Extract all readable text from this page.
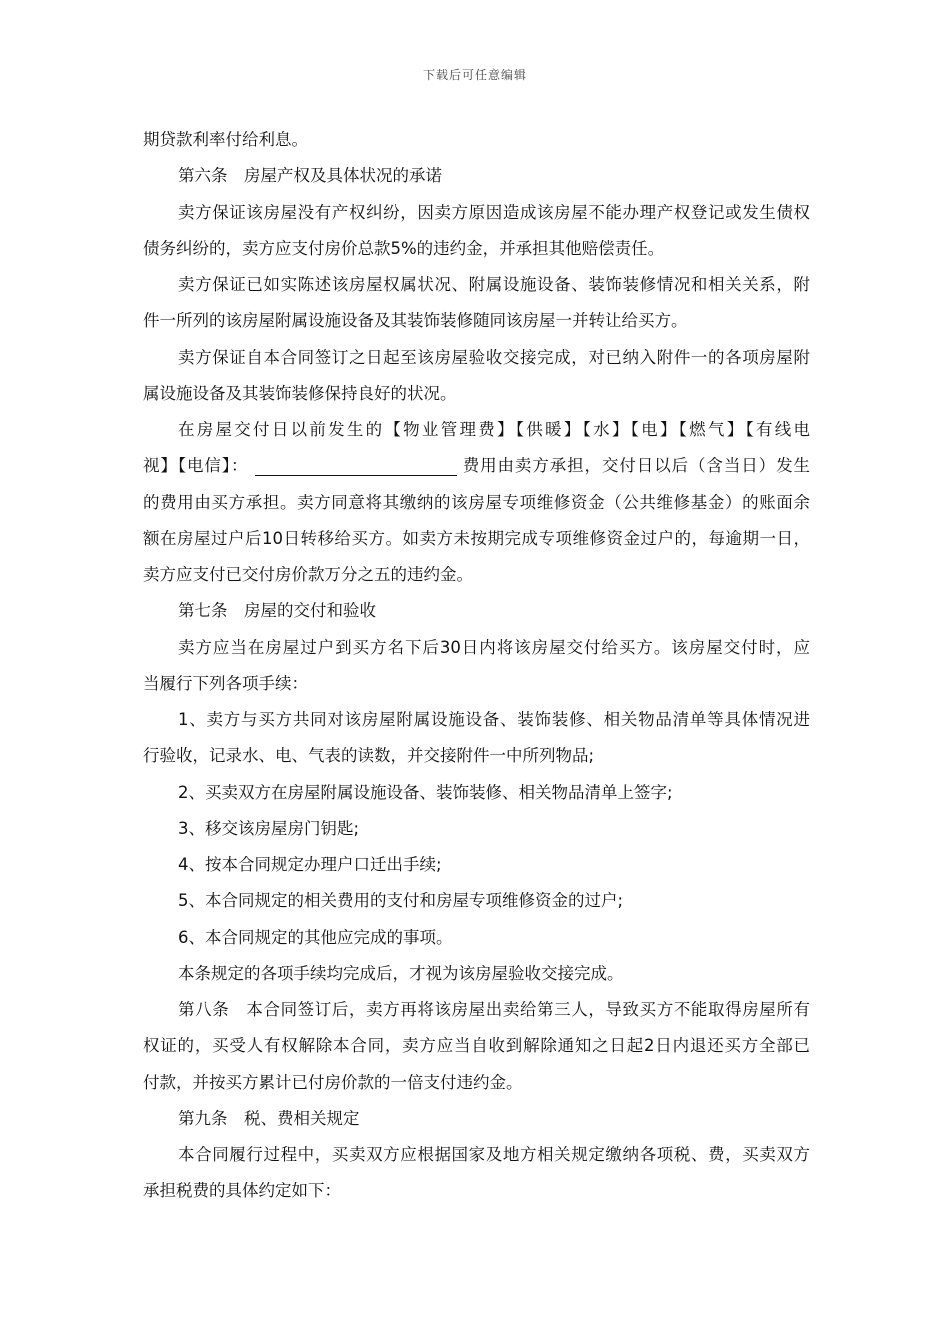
下载后可任意编辑
期贷款利率付给利息。
第六条　房屋产权及具体状况的承诺
卖方保证该房屋没有产权纠纷，因卖方原因造成该房屋不能办理产权登记或发生债权
债务纠纷的，卖方应支付房价总款5%的违约金，并承担其他赔偿责任。
卖方保证已如实陈述该房屋权属状况、附属设施设备、装饰装修情况和相关关系，附
件一所列的该房屋附属设施设备及其装饰装修随同该房屋一并转让给买方。
卖方保证自本合同签订之日起至该房屋验收交接完成，对已纳入附件一的各项房屋附
属设施设备及其装饰装修保持良好的状况。
在房屋交付日以前发生的【物业管理费】【供暖】【水】【电】【燃气】【有线电
视】【电信】：	费用由卖方承担，交付日以后（含当日）发生
的费用由买方承担。卖方同意将其缴纳的该房屋专项维修资金（公共维修基金）的账面余
额在房屋过户后10日转移给买方。如卖方未按期完成专项维修资金过户的，每逾期一日，
卖方应支付已交付房价款万分之五的违约金。
第七条　房屋的交付和验收
卖方应当在房屋过户到买方名下后30日内将该房屋交付给买方。该房屋交付时，应
当履行下列各项手续：
1、卖方与买方共同对该房屋附属设施设备、装饰装修、相关物品清单等具体情况进
行验收，记录水、电、气表的读数，并交接附件一中所列物品;
2、买卖双方在房屋附属设施设备、装饰装修、相关物品清单上签字;
3、移交该房屋房门钥匙;
4、按本合同规定办理户口迁出手续;
5、本合同规定的相关费用的支付和房屋专项维修资金的过户;
6、本合同规定的其他应完成的事项。
本条规定的各项手续均完成后，才视为该房屋验收交接完成。
第八条　本合同签订后，卖方再将该房屋出卖给第三人，导致买方不能取得房屋所有
权证的，买受人有权解除本合同，卖方应当自收到解除通知之日起2日内退还买方全部已
付款，并按买方累计已付房价款的一倍支付违约金。
第九条　税、费相关规定
本合同履行过程中，买卖双方应根据国家及地方相关规定缴纳各项税、费，买卖双方
承担税费的具体约定如下：
